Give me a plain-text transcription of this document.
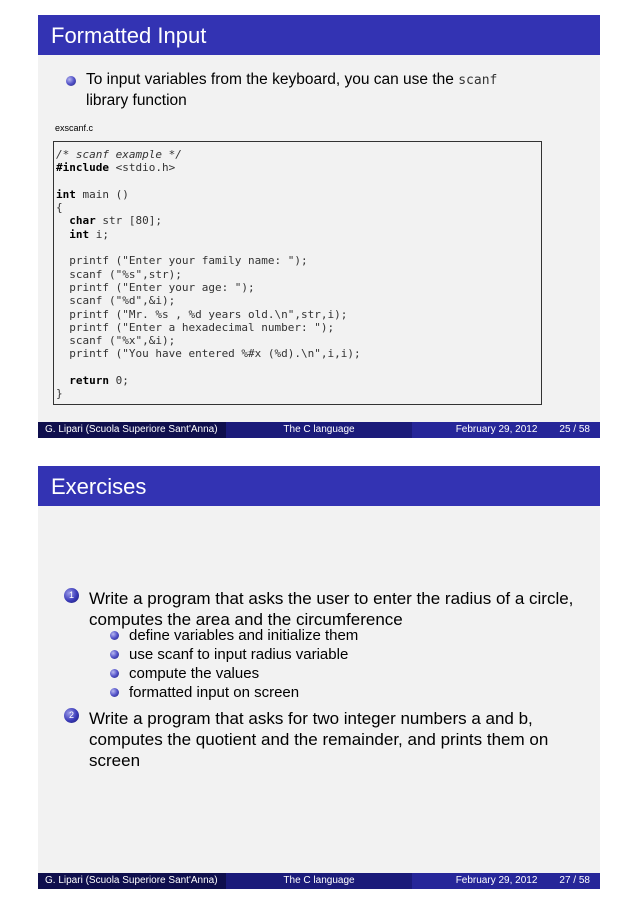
Formatted Input
To input variables from the keyboard, you can use the scanf
library function
exscanf.c
/* scanf example */
#include <stdio.h>

int main ()
{
char str [80];
int i;

printf ("Enter your family name: ");
scanf ("%s",str);
printf ("Enter your age: ");
scanf ("%d",&i);
printf ("Mr. %s , %d years old.\n",str,i);
printf ("Enter a hexadecimal number: ");
scanf ("%x",&i);
printf ("You have entered %#x (%d).\n",i,i);

return 0;
}
G. Lipari (Scuola Superiore Sant'Anna)	The C language	February 29, 2012	25 / 58
Exercises
1 Write a program that asks the user to enter the radius of a circle, computes the area and the circumference
define variables and initialize them
use scanf to input radius variable
compute the values
formatted input on screen
2 Write a program that asks for two integer numbers a and b, computes the quotient and the remainder, and prints them on screen
G. Lipari (Scuola Superiore Sant'Anna)	The C language	February 29, 2012	27 / 58
